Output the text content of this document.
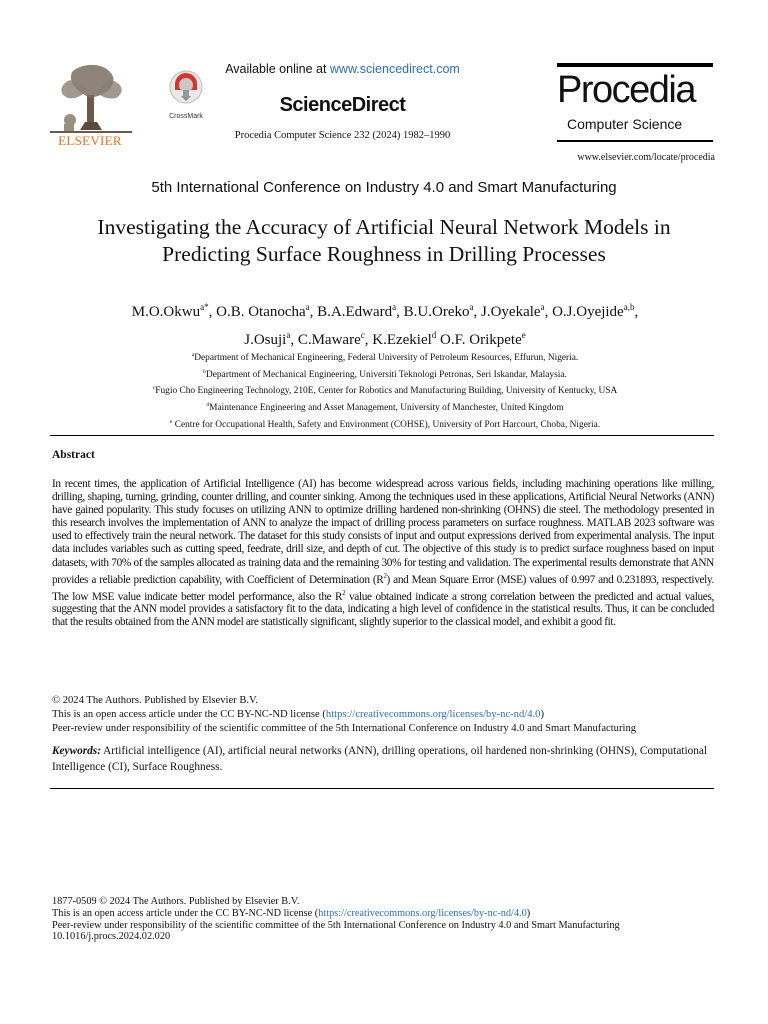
ELSEVIER
CrossMark
Available online at www.sciencedirect.com
ScienceDirect
Procedia Computer Science 232 (2024) 1982–1990
Procedia
Computer Science
www.elsevier.com/locate/procedia
5th International Conference on Industry 4.0 and Smart Manufacturing
Investigating the Accuracy of Artificial Neural Network Models in
Predicting Surface Roughness in Drilling Processes
M.O.Okwu$^{a*}$, O.B. Otanocha$^a$, B.A.Edward$^a$, B.U.Oreko$^a$, J.Oyekale$^a$, O.J.Oyejide$^{a,b}$,
J.Osuji$^a$, C.Maware$^c$, K.Ezekiel$^d$ O.F. Orikpete$^e$
$^a$Department of Mechanical Engineering, Federal University of Petroleum Resources, Effurun, Nigeria.
$^b$Department of Mechanical Engineering, Universiti Teknologi Petronas, Seri Iskandar, Malaysia.
$^c$Fugio Cho Engineering Technology, 210E, Center for Robotics and Manufacturing Building, University of Kentucky, USA
$^d$Maintenance Engineering and Asset Management, University of Manchester, United Kingdom
$^e$ Centre for Occupational Health, Safety and Environment (COHSE), University of Port Harcourt, Choba, Nigeria.
Abstract
In recent times, the application of Artificial Intelligence (AI) has become widespread across various fields, including machining operations like milling, drilling, shaping, turning, grinding, counter drilling, and counter sinking. Among the techniques used in these applications, Artificial Neural Networks (ANN) have gained popularity. This study focuses on utilizing ANN to optimize drilling hardened non-shrinking (OHNS) die steel. The methodology presented in this research involves the implementation of ANN to analyze the impact of drilling process parameters on surface roughness. MATLAB 2023 software was used to effectively train the neural network. The dataset for this study consists of input and output expressions derived from experimental analysis. The input data includes variables such as cutting speed, feedrate, drill size, and depth of cut. The objective of this study is to predict surface roughness based on input datasets, with 70% of the samples allocated as training data and the remaining 30% for testing and validation. The experimental results demonstrate that ANN provides a reliable prediction capability, with Coefficient of Determination $(R^2)$ and Mean Square Error (MSE) values of 0.997 and 0.231893, respectively. The low MSE value indicate better model performance, also the $R^2$ value obtained indicate a strong correlation between the predicted and actual values, suggesting that the ANN model provides a satisfactory fit to the data, indicating a high level of confidence in the statistical results. Thus, it can be concluded that the results obtained from the ANN model are statistically significant, slightly superior to the classical model, and exhibit a good fit.
© 2024 The Authors. Published by Elsevier B.V.
This is an open access article under the CC BY-NC-ND license (https://creativecommons.org/licenses/by-nc-nd/4.0)
Peer-review under responsibility of the scientific committee of the 5th International Conference on Industry 4.0 and Smart Manufacturing
Keywords: Artificial intelligence (AI), artificial neural networks (ANN), drilling operations, oil hardened non-shrinking (OHNS), Computational Intelligence (CI), Surface Roughness.
1877-0509 © 2024 The Authors. Published by Elsevier B.V.
This is an open access article under the CC BY-NC-ND license (https://creativecommons.org/licenses/by-nc-nd/4.0)
Peer-review under responsibility of the scientific committee of the 5th International Conference on Industry 4.0 and Smart Manufacturing
10.1016/j.procs.2024.02.020
